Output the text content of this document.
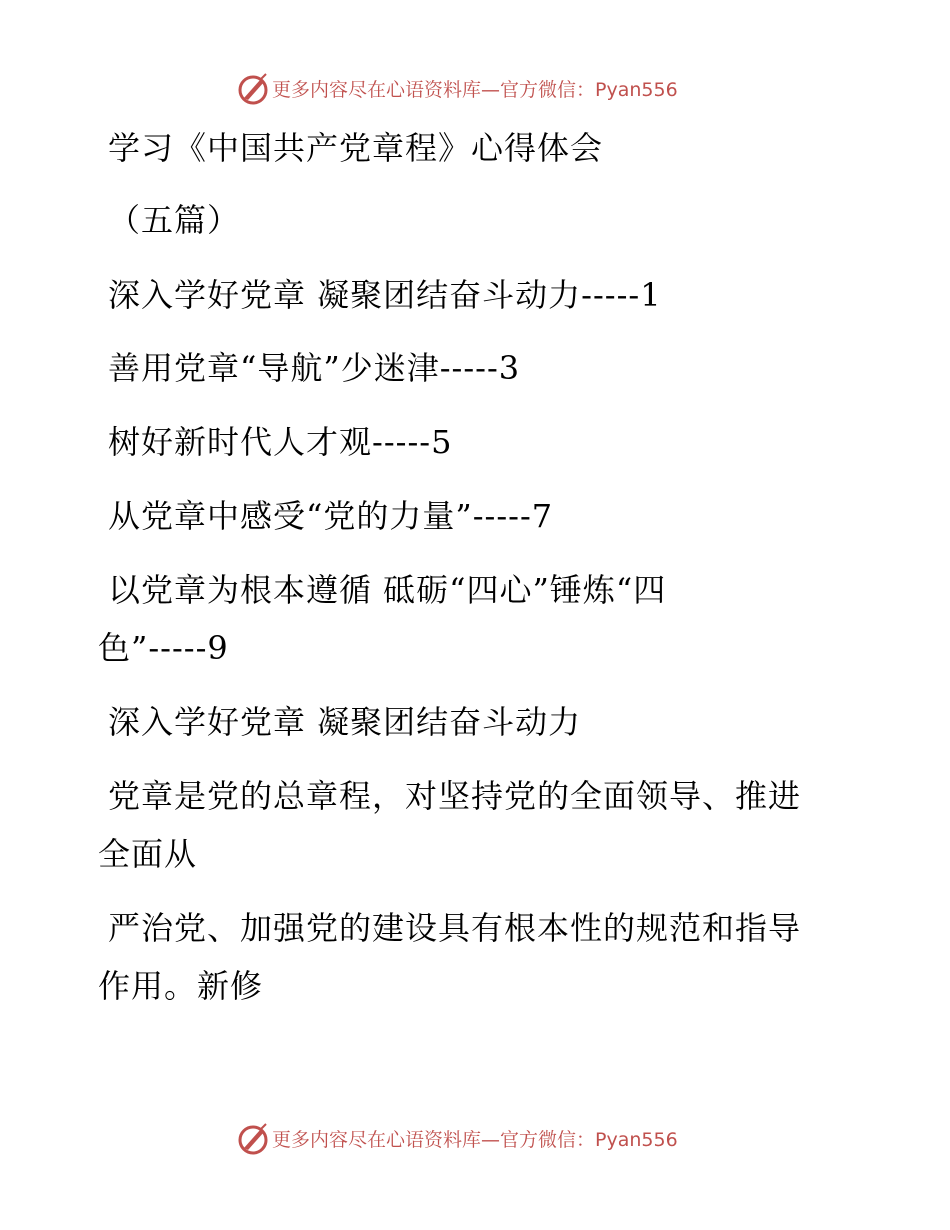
更多内容尽在心语资料库—官方微信：Pyan556
学习《中国共产党章程》心得体会
（五篇）
深入学好党章 凝聚团结奋斗动力-----1
善用党章“导航”少迷津-----3
树好新时代人才观-----5
从党章中感受“党的力量”-----7
以党章为根本遵循 砥砺“四心”锤炼“四
色”-----9
深入学好党章 凝聚团结奋斗动力
党章是党的总章程，对坚持党的全面领导、推进
全面从
严治党、加强党的建设具有根本性的规范和指导
作用。新修
更多内容尽在心语资料库—官方微信：Pyan556
